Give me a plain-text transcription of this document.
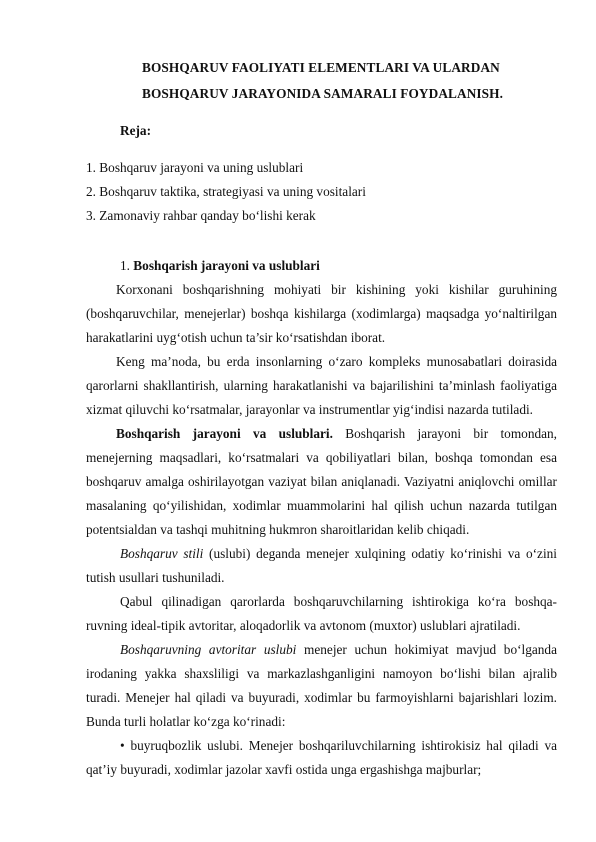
BOSHQARUV FAOLIYATI ELEMENTLARI VA ULARDAN
BOSHQARUV JARAYONIDA SAMARALI FOYDALANISH.
Reja:
1. Boshqaruv jarayoni va uning uslublari
2. Boshqaruv taktika, strategiyasi va uning vositalari
3. Zamonaviy rahbar qanday bo‘lishi kerak
1. Boshqarish jarayoni va uslublari
Korxonani boshqarishning mohiyati bir kishining yoki kishilar guruhining (boshqaruvchilar, menejerlar) boshqa kishilarga (xodimlarga) maqsadga yo‘naltirilgan harakatlarini uyg‘otish uchun ta’sir ko‘rsatishdan iborat.
Keng ma’noda, bu erda insonlarning o‘zaro kompleks munosabatlari doirasida qarorlarni shakllantirish, ularning harakatlanishi va bajarilishini ta’minlash faoliyatiga xizmat qiluvchi ko‘rsatmalar, jarayonlar va instrumentlar yig‘indisi nazarda tutiladi.
Boshqarish jarayoni va uslublari. Boshqarish jarayoni bir tomondan, menejerning maqsadlari, ko‘rsatmalari va qobiliyatlari bilan, boshqa tomondan esa boshqaruv amalga oshirilayotgan vaziyat bilan aniqlanadi. Vaziyatni aniqlovchi omillar masalaning qo‘yilishidan, xodimlar muammolarini hal qilish uchun nazarda tutilgan potentsialdan va tashqi muhitning hukmron sharoitlaridan kelib chiqadi.
Boshqaruv stili (uslubi) deganda menejer xulqining odatiy ko‘rinishi va o‘zini tutish usullari tushuniladi.
Qabul qilinadigan qarorlarda boshqaruvchilarning ishtirokiga ko‘ra boshqa-ruvning ideal-tipik avtoritar, aloqadorlik va avtonom (muxtor) uslublari ajratiladi.
Boshqaruvning avtoritar uslubi menejer uchun hokimiyat mavjud bo‘lganda irodaning yakka shaxsliligi va markazlashganligini namoyon bo‘lishi bilan ajralib turadi. Menejer hal qiladi va buyuradi, xodimlar bu farmoyishlarni bajarishlari lozim. Bunda turli holatlar ko‘zga ko‘rinadi:
• buyruqbozlik uslubi. Menejer boshqariluvchilarning ishtirokisiz hal qiladi va qat’iy buyuradi, xodimlar jazolar xavfi ostida unga ergashishga majburlar;
